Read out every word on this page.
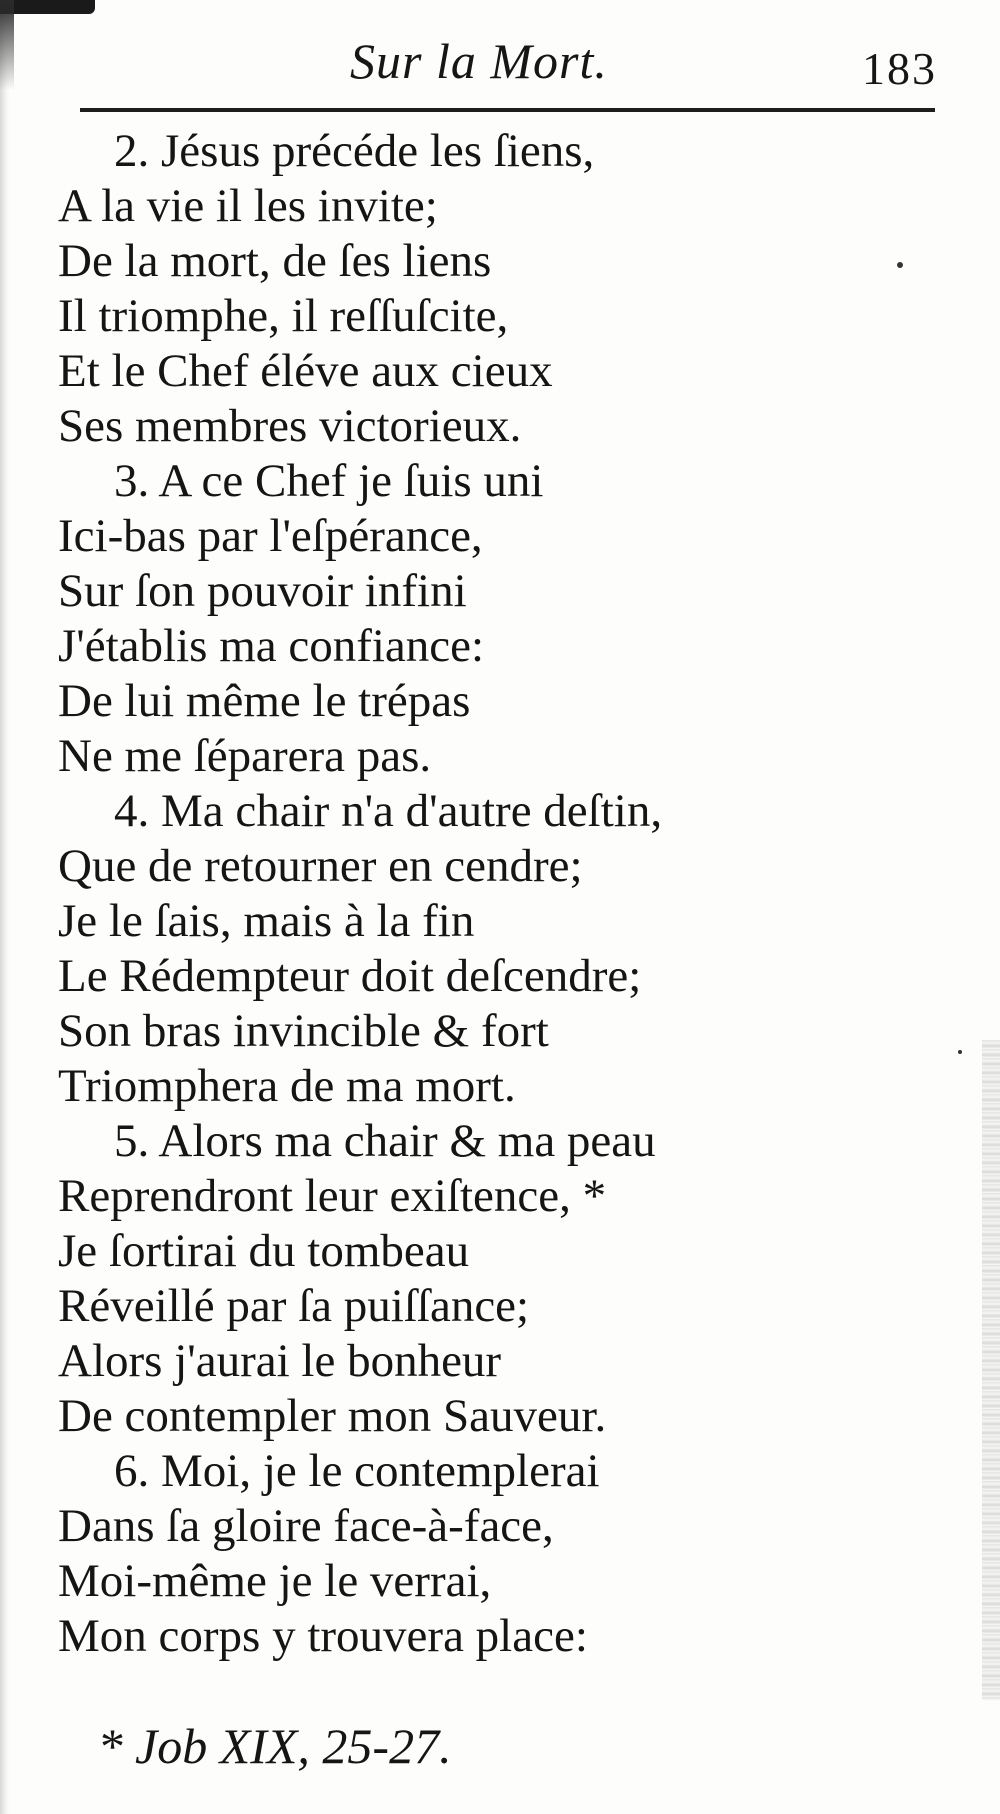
Sur la Mort.	183
2. Jésus précéde les ſiens,
A la vie il les invite;
De la mort, de ſes liens
Il triomphe, il reſſuſcite,
Et le Chef éléve aux cieux
Ses membres victorieux.
3. A ce Chef je ſuis uni
Ici-bas par l'eſpérance,
Sur ſon pouvoir infini
J'établis ma confiance:
De lui même le trépas
Ne me ſéparera pas.
4. Ma chair n'a d'autre deſtin,
Que de retourner en cendre;
Je le ſais, mais à la fin
Le Rédempteur doit deſcendre;
Son bras invincible & fort
Triomphera de ma mort.
5. Alors ma chair & ma peau
Reprendront leur exiſtence, *
Je ſortirai du tombeau
Réveillé par ſa puiſſance;
Alors j'aurai le bonheur
De contempler mon Sauveur.
6. Moi, je le contemplerai
Dans ſa gloire face-à-face,
Moi-même je le verrai,
Mon corps y trouvera place:
* Job XIX, 25-27.
